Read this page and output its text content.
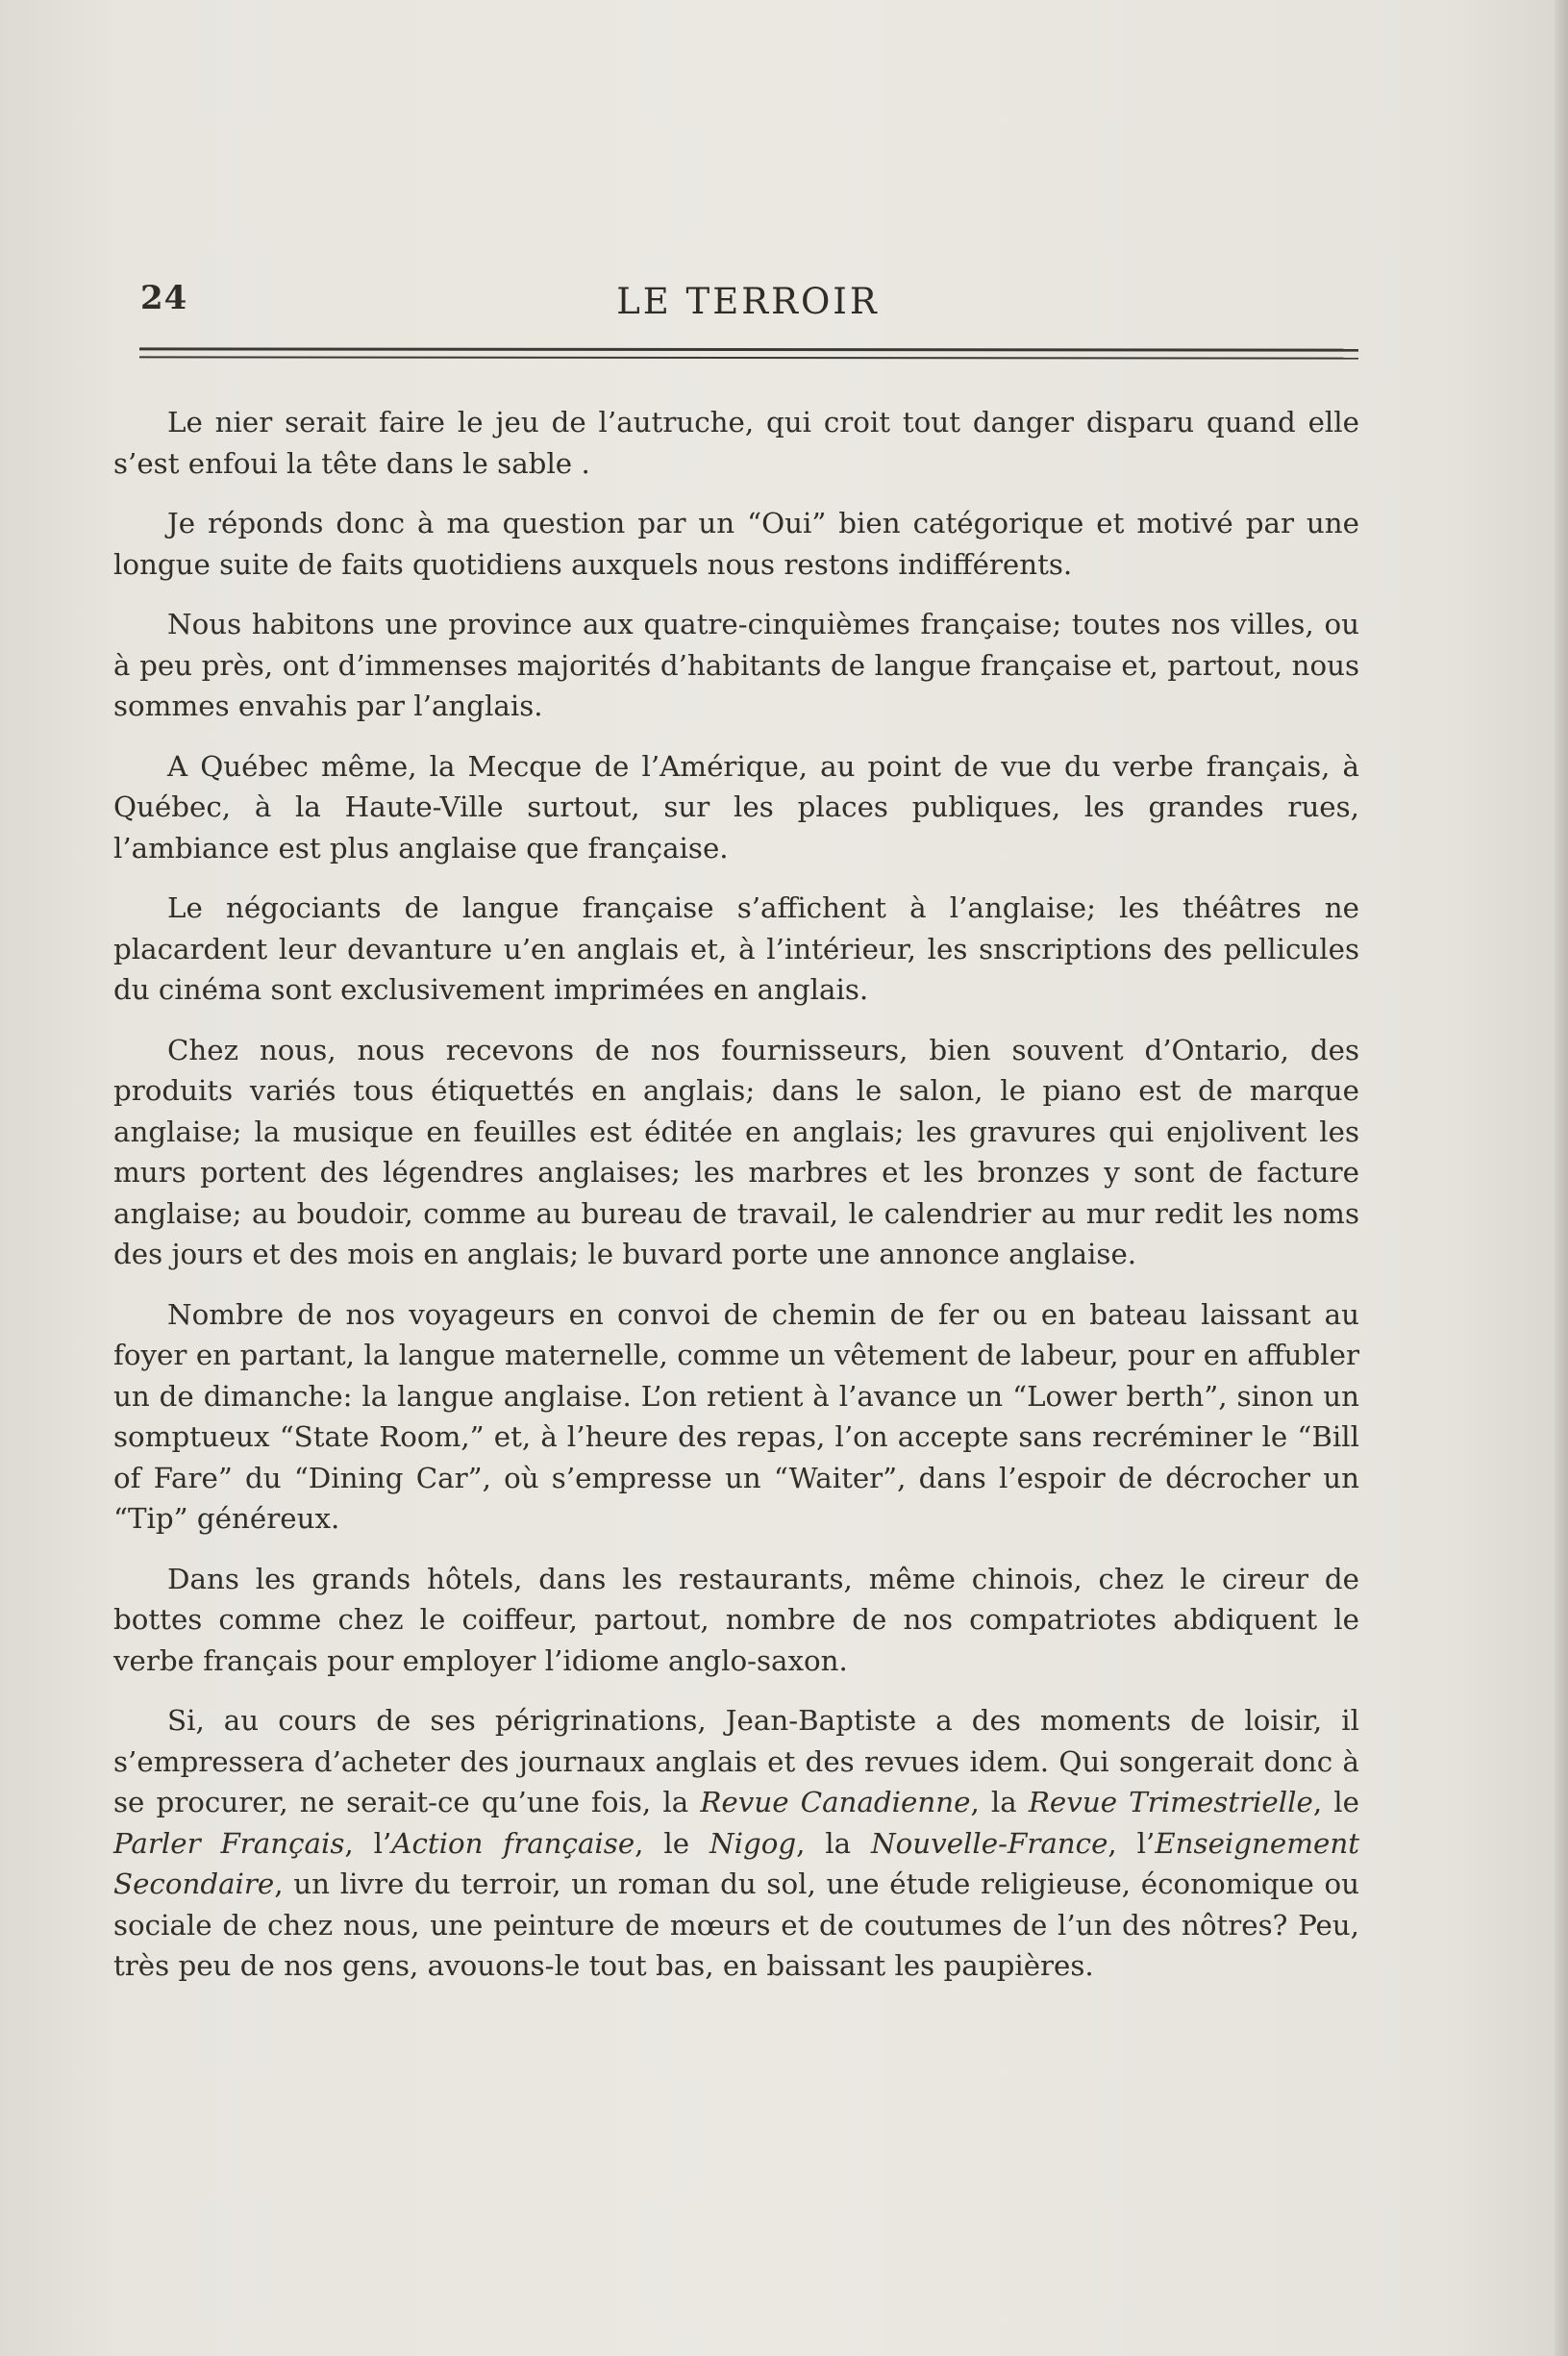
24	LE TERROIR

Le nier serait faire le jeu de l’autruche, qui croit tout danger disparu quand elle s’est enfoui la tête dans le sable .

Je réponds donc à ma question par un “Oui” bien catégorique et motivé par une longue suite de faits quotidiens auxquels nous restons indifférents.

Nous habitons une province aux quatre-cinquièmes française; toutes nos villes, ou à peu près, ont d’immenses majorités d’habitants de langue française et, partout, nous sommes envahis par l’anglais.

A Québec même, la Mecque de l’Amérique, au point de vue du verbe français, à Québec, à la Haute-Ville surtout, sur les places publiques, les grandes rues, l’ambiance est plus anglaise que française.

Le négociants de langue française s’affichent à l’anglaise; les théâtres ne placardent leur devanture u’en anglais et, à l’intérieur, les snscriptions des pellicules du cinéma sont exclusivement imprimées en anglais.

Chez nous, nous recevons de nos fournisseurs, bien souvent d’Ontario, des produits variés tous étiquettés en anglais; dans le salon, le piano est de marque anglaise; la musique en feuilles est éditée en anglais; les gravures qui enjolivent les murs portent des légendres anglaises; les marbres et les bronzes y sont de facture anglaise; au boudoir, comme au bureau de travail, le calendrier au mur redit les noms des jours et des mois en anglais; le buvard porte une annonce anglaise.

Nombre de nos voyageurs en convoi de chemin de fer ou en bateau laissant au foyer en partant, la langue maternelle, comme un vêtement de labeur, pour en affubler un de dimanche: la langue anglaise. L’on retient à l’avance un “Lower berth”, sinon un somptueux “State Room,” et, à l’heure des repas, l’on accepte sans recréminer le “Bill of Fare” du “Dining Car”, où s’empresse un “Waiter”, dans l’espoir de décrocher un “Tip” généreux.

Dans les grands hôtels, dans les restaurants, même chinois, chez le cireur de bottes comme chez le coiffeur, partout, nombre de nos compatriotes abdiquent le verbe français pour employer l’idiome anglo-saxon.

Si, au cours de ses périgrinations, Jean-Baptiste a des moments de loisir, il s’empressera d’acheter des journaux anglais et des revues idem. Qui songerait donc à se procurer, ne serait-ce qu’une fois, la Revue Canadienne, la Revue Trimestrielle, le Parler Français, l’Action française, le Nigog, la Nouvelle-France, l’Enseignement Secondaire, un livre du terroir, un roman du sol, une étude religieuse, économique ou sociale de chez nous, une peinture de mœurs et de coutumes de l’un des nôtres? Peu, très peu de nos gens, avouons-le tout bas, en baissant les paupières.
